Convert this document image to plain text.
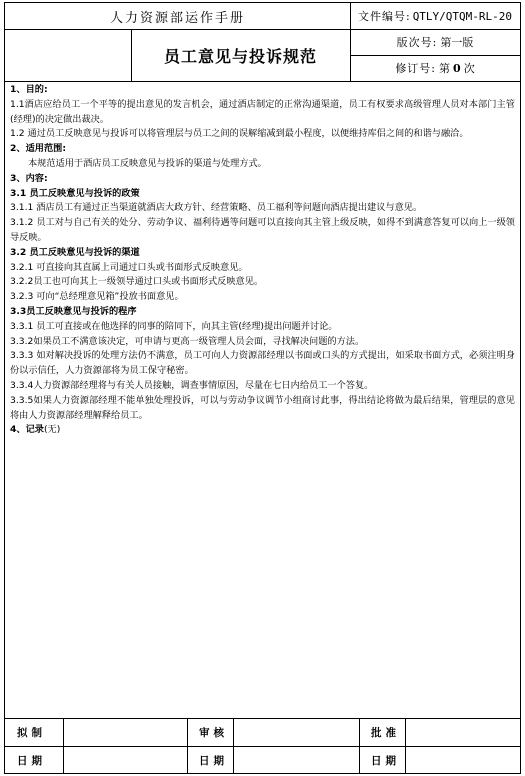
人力资源部运作手册
员工意见与投诉规范
文件编号: QTLY/QTQM-RL-20
版次号: 第一版
修订号: 第 0 次

1、目的:

1.1酒店应给员工一个平等的提出意见的发言机会，通过酒店制定的正常沟通渠道，员工有权要求高级管理人员对本部门主管(经理)的决定做出裁决。

1.2 通过员工反映意见与投诉可以将管理层与员工之间的误解缩减到最小程度，以便维持库侣之间的和谐与融洽。

2、适用范围:

本规范适用于酒店员工反映意见与投诉的渠道与处理方式。

3、内容:

3.1 员工反映意见与投诉的政策

3.1.1 酒店员工有通过正当渠道就酒店大政方针、经营策略、员工福利等问题向酒店提出建议与意见。

3.1.2 员工对与自己有关的处分、劳动争议、福利待遇等问题可以直接向其主管上级反映，如得不到满意答复可以向上一级领导反映。

3.2 员工反映意见与投诉的渠道

3.2.1 可直接向其直属上司通过口头或书面形式反映意见。

3.2.2员工也可向其上一级领导通过口头或书面形式反映意见。

3.2.3 可向“总经理意见箱”投放书面意见。

3.3员工反映意见与投诉的程序

3.3.1 员工可直接或在他选择的同事的陪同下，向其主管(经理)提出问题并讨论。

3.3.2如果员工不满意该决定，可申请与更高一级管理人员会面，寻找解决问题的方法。

3.3.3 如对解决投诉的处理方法仍不满意，员工可向人力资源部经理以书面或口头的方式提出，如采取书面方式，必须注明身份以示信任，人力资源部将为员工保守秘密。

3.3.4人力资源部经理将与有关人员接触，调查事情原因，尽量在七日内给员工一个答复。

3.3.5如果人力资源部经理不能单独处理投诉，可以与劳动争议调节小组商讨此事，得出结论将做为最后结果，管理层的意见将由人力资源部经理解释给员工。

4、记录(无)

拟制	审核	批准
日期	日期	日期
